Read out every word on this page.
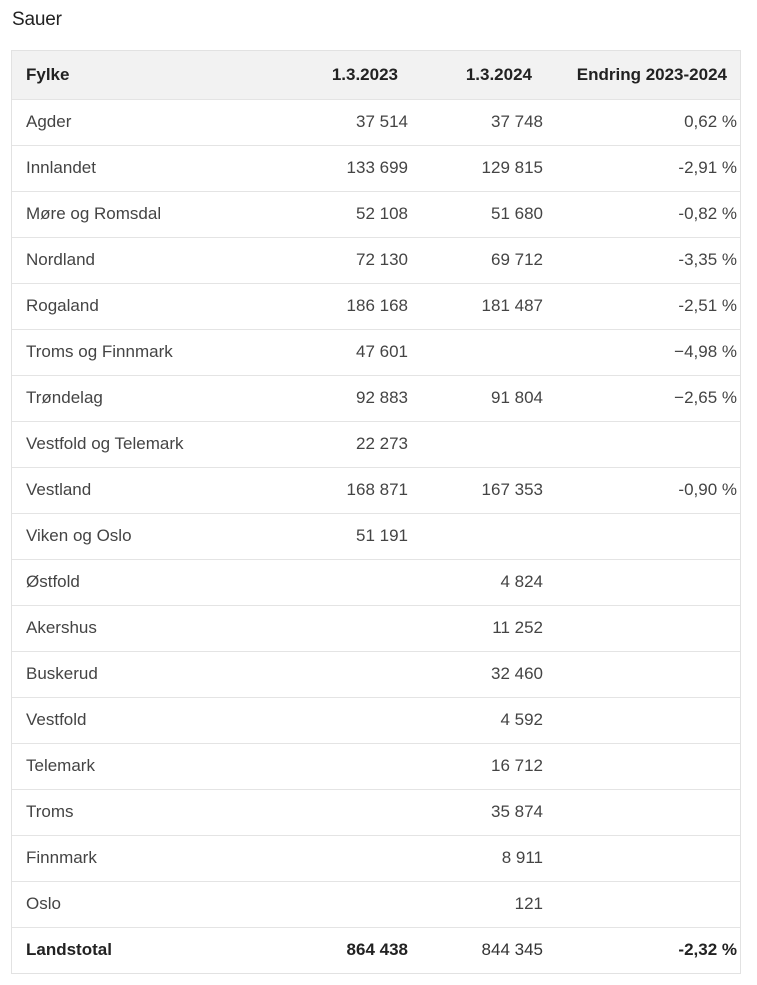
Sauer
Fylke	1.3.2023	1.3.2024	Endring 2023-2024
Agder	37 514	37 748	0,62 %
Innlandet	133 699	129 815	-2,91 %
Møre og Romsdal	52 108	51 680	-0,82 %
Nordland	72 130	69 712	-3,35 %
Rogaland	186 168	181 487	-2,51 %
Troms og Finnmark	47 601		−4,98 %
Trøndelag	92 883	91 804	−2,65 %
Vestfold og Telemark	22 273		
Vestland	168 871	167 353	-0,90 %
Viken og Oslo	51 191		
Østfold		4 824	
Akershus		11 252	
Buskerud		32 460	
Vestfold		4 592	
Telemark		16 712	
Troms		35 874	
Finnmark		8 911	
Oslo		121	
Landstotal	864 438	844 345	-2,32 %
